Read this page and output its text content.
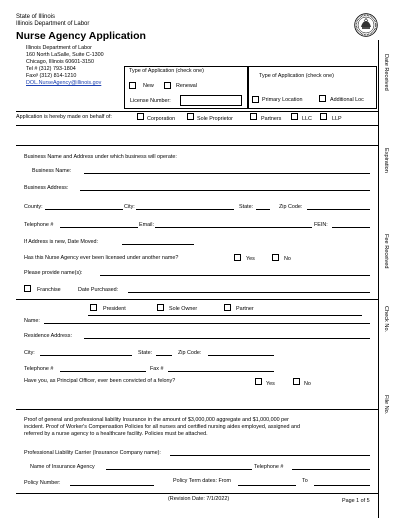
State of Illinois
Illinois Department of Labor
Nurse Agency Application
Illinois Department of Labor
160 North LaSalle, Suite C-1300
Chicago, Illinois 60601-3150
Tel # (312) 793-1804
Fax# (312) 814-1210
DOL.NurseAgency@illinois.gov
Type of Application (check one)
New	Renewal
License Number:
Type of Application (check one)
Primary Location	Additional Loc
Date Received
Expiration
Fee Received
Check No.
File No.
Application is hereby made on behalf of:	Corporation	Sole Proprietor	Partners	LLC	LLP
Business Name and Address under which business will operate:
Business Name:
Business Address:
County:	City:	State:	Zip Code:
Telephone #	Email:	FEIN:
If Address is new, Date Moved:
Has this Nurse Agency ever been licensed under another name?	Yes	No
Please provide name(s):
Franchise	Date Purchased:
President	Sole Owner	Partner
Name:
Residence Address:
City:	State:	Zip Code:
Telephone #	Fax #
Have you, as Principal Officer, ever been convicted of a felony?	Yes	No
Proof of general and professional liability Insurance in the amount of $3,000,000 aggregate and $1,000,000 per
incident. Proof of Worker's Compensation Policies for all nurses and certified nursing aides employed, assigned and
referred by a nurse agency to a healthcare facility. Policies must be attached.
Professional Liability Carrier (Insurance Company name):
Name of Insurance Agency	Telephone #
Policy Number:	Policy Term dates: From	To
(Revision Date: 7/1/2022)	Page 1 of 5
